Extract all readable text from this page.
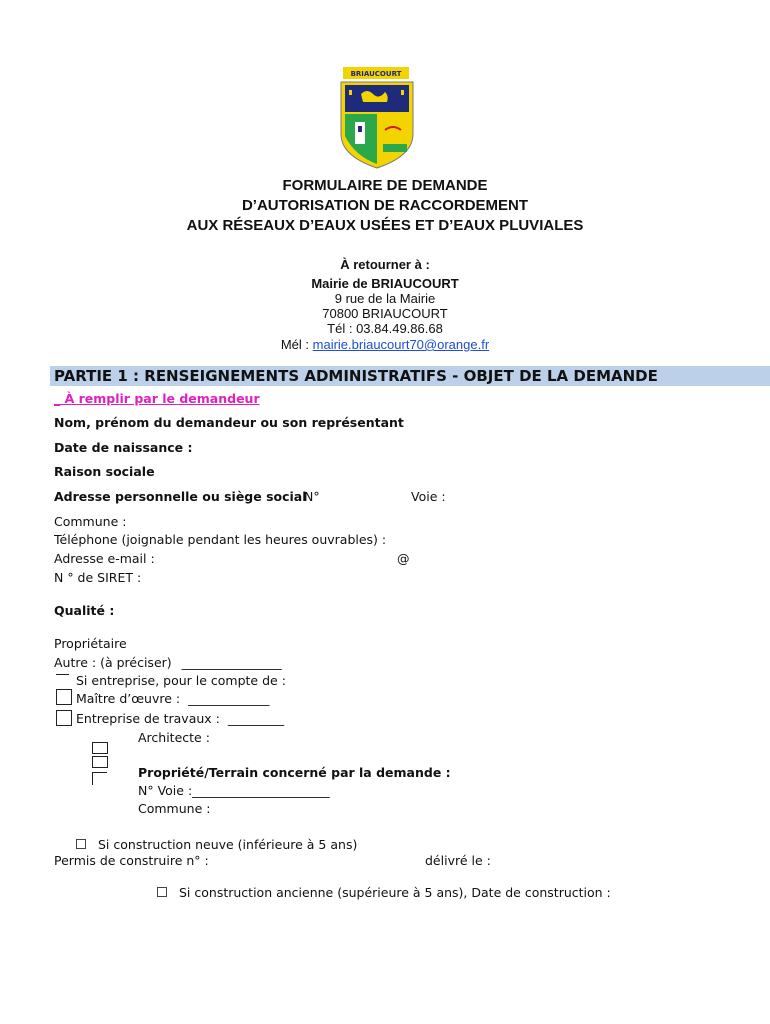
BRIAUCOURT
FORMULAIRE DE DEMANDE
D’AUTORISATION DE RACCORDEMENT
AUX RÉSEAUX D’EAUX USÉES ET D’EAUX PLUVIALES
À retourner à :
Mairie de BRIAUCOURT
9 rue de la Mairie
70800 BRIAUCOURT
Tél : 03.84.49.86.68
Mél : mairie.briaucourt70@orange.fr
PARTIE 1 : RENSEIGNEMENTS ADMINISTRATIFS - OBJET DE LA DEMANDE
_ À remplir par le demandeur
Nom, prénom du demandeur ou son représentant
Date de naissance :
Raison sociale
Adresse personnelle ou siège social
N°	Voie :
Commune :
Téléphone (joignable pendant les heures ouvrables) :
Adresse e-mail :	@
N ° de SIRET :
Qualité :
Propriétaire
Autre : (à préciser) ________________
Si entreprise, pour le compte de :
Maître d’œuvre : _____________
Entreprise de travaux : _________
Architecte :
Propriété/Terrain concerné par la demande :
N° Voie :______________________
Commune :
Si construction neuve (inférieure à 5 ans)
Permis de construire n° :	délivré le :
Si construction ancienne (supérieure à 5 ans), Date de construction :
